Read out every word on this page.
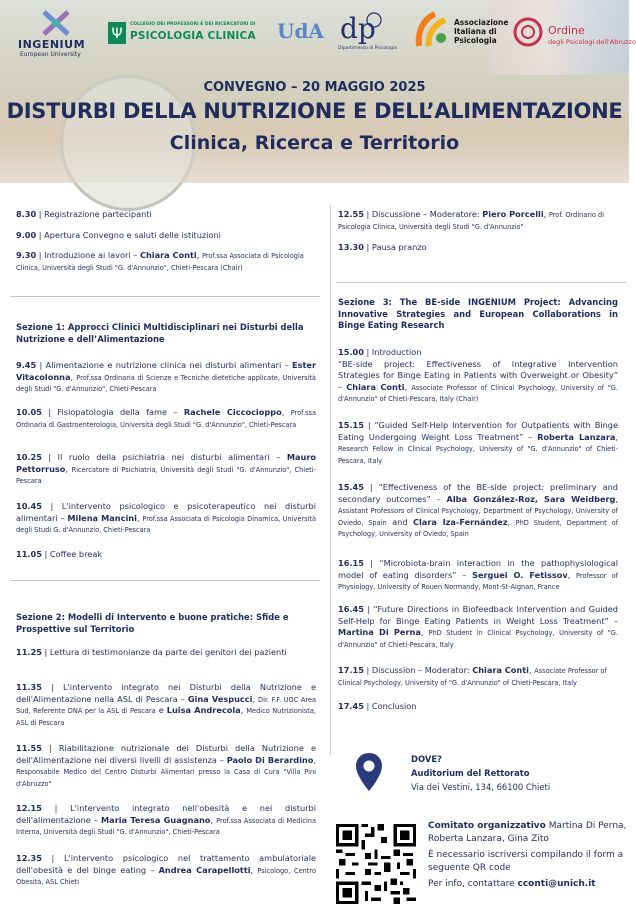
INGENIUM
European University
Ψ
COLLEGIO DEI PROFESSORI E DEI RICERCATORI DI
PSICOLOGIA CLINICA UdA dp
Dipartimento di Psicologia
Associazione Italiana di Psicologia
Ordine
degli Psicologi dell'Abruzzo
CONVEGNO – 20 MAGGIO 2025
DISTURBI DELLA NUTRIZIONE E DELL’ALIMENTAZIONE
Clinica, Ricerca e Territorio
8.30 | Registrazione partecipanti
9.00 | Apertura Convegno e saluti delle istituzioni
9.30 | Introduzione ai lavori – Chiara Conti, Prof.ssa Associata di Psicologia Clinica, Università degli Studi "G. d'Annunzio", Chieti-Pescara (Chair)
Sezione 1: Approcci Clinici Multidisciplinari nei Disturbi della Nutrizione e dell’Alimentazione
9.45 | Alimentazione e nutrizione clinica nei disturbi alimentari – Ester Vitacolonna, Prof.ssa Ordinaria di Scienze e Tecniche dietetiche applicate, Università degli Studi "G. d'Annunzio", Chieti-Pescara
10.05 | Fisiopatologia della fame – Rachele Ciccocioppo, Prof.ssa Ordinaria di Gastroenterologia, Università degli Studi "G. d'Annunzio", Chieti-Pescara
10.25 | Il ruolo della psichiatria nei disturbi alimentari – Mauro Pettorruso, Ricercatore di Psichiatria, Università degli Studi "G. d'Annunzio", Chieti-Pescara
10.45 | L'intervento psicologico e psicoterapeutico nei disturbi alimentari – Milena Mancini, Prof.ssa Associata di Psicologia Dinamica, Università degli Studi G. d'Annunzio, Chieti-Pescara
11.05 | Coffee break
Sezione 2: Modelli di Intervento e buone pratiche: Sfide e Prospettive sul Territorio
11.25 | Lettura di testimonianze da parte dei genitori dei pazienti
11.35 | L'intervento integrato nei Disturbi della Nutrizione e dell'Alimentazione nella ASL di Pescara – Gina Vespucci, Dir. F.F. UOC Area Sud, Referente DNA per la ASL di Pescara e Luisa Andrecola, Medico Nutrizionista, ASL di Pescara
11.55 | Riabilitazione nutrizionale dei Disturbi della Nutrizione e dell'Alimentazione nei diversi livelli di assistenza – Paolo Di Berardino, Responsabile Medico del Centro Disturbi Alimentari presso la Casa di Cura "Villa Pini d'Abruzzo"
12.15 | L'intervento integrato nell'obesità e nei disturbi dell'alimentazione – Maria Teresa Guagnano, Prof.ssa Associata di Medicina Interna, Università degli Studi "G. d'Annunzio", Chieti-Pescara
12.35 | L'intervento psicologico nel trattamento ambulatoriale dell'obesità e del binge eating – Andrea Carapellotti, Psicologo, Centro Obesità, ASL Chieti
12.55 | Discussione – Moderatore: Piero Porcelli, Prof. Ordinario di Psicologia Clinica, Università degli Studi "G. d'Annunzio"
13.30 | Pausa pranzo
Sezione 3: The BE-side INGENIUM Project: Advancing Innovative Strategies and European Collaborations in Binge Eating Research
15.00 | Introduction
“BE-side project: Effectiveness of Integrative Intervention Strategies for Binge Eating in Patients with Overweight or Obesity” – Chiara Conti, Associate Professor of Clinical Psychology, University of "G. d'Annunzio" of Chieti-Pescara, Italy (Chair)
15.15 | “Guided Self-Help Intervention for Outpatients with Binge Eating Undergoing Weight Loss Treatment” – Roberta Lanzara, Research Fellow in Clinical Psychology, University of "G. d'Annunzio" of Chieti-Pescara, Italy
15.45 | “Effectiveness of the BE-side project: preliminary and secondary outcomes” – Alba González-Roz, Sara Weidberg, Assistant Professors of Clinical Psychology, Department of Psychology, University of Oviedo, Spain and Clara Iza-Fernández, PhD Student, Department of Psychology, University of Oviedo, Spain
16.15 | “Microbiota-brain interaction in the pathophysiological model of eating disorders” – Serguei O. Fetissov, Professor of Physiology, University of Rouen Normandy, Mont-St-Aignan, France
16.45 | “Future Directions in Biofeedback Intervention and Guided Self-Help for Binge Eating Patients in Weight Loss Treatment” – Martina Di Perna, PhD Student in Clinical Psychology, University of "G. d'Annunzio" of Chieti-Pescara, Italy
17.15 | Discussion – Moderator: Chiara Conti, Associate Professor of Clinical Psychology, University of "G. d'Annunzio" of Chieti-Pescara, Italy
17.45 | Conclusion
DOVE?
Auditorium del Rettorato
Via dei Vestini, 134, 66100 Chieti

Comitato organizzativo Martina Di Perna, Roberta Lanzara, Gina Zito

È necessario iscriversi compilando il form a seguente QR code

Per info, contattare cconti@unich.it
